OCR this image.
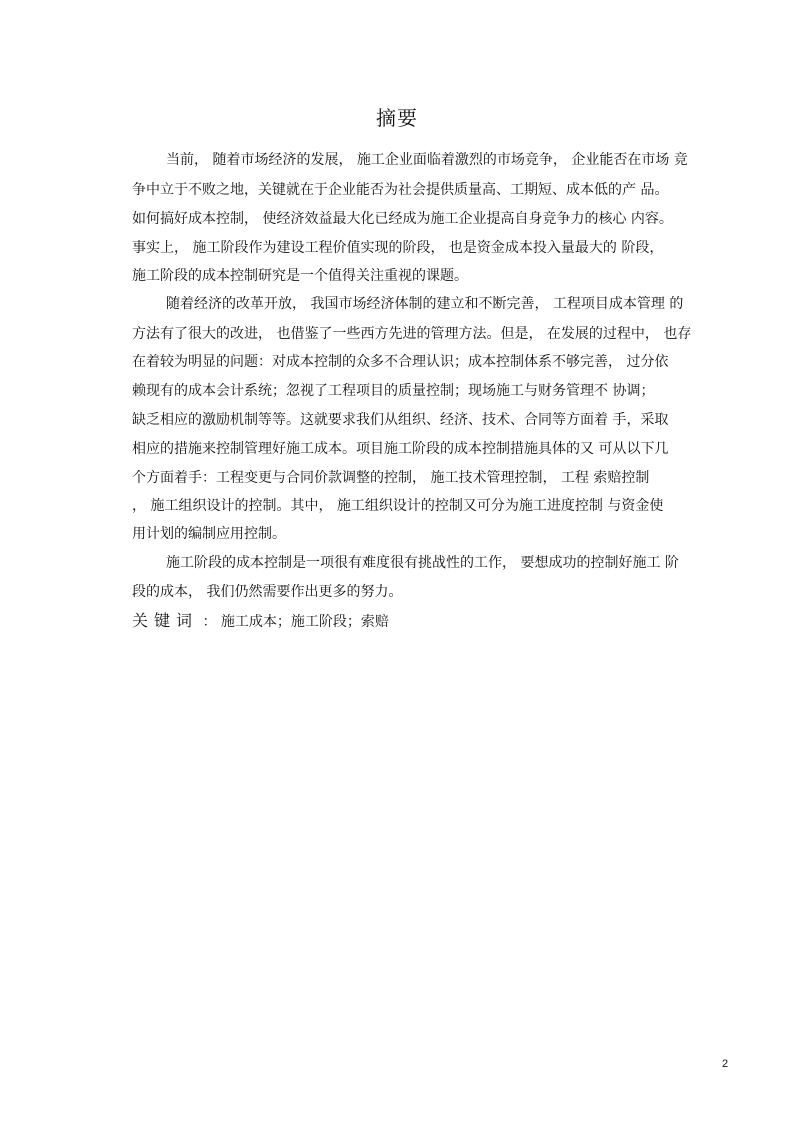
摘要
当前， 随着市场经济的发展， 施工企业面临着激烈的市场竞争， 企业能否在市场 竞
争中立于不败之地，关键就在于企业能否为社会提供质量高、工期短、成本低的产 品。
如何搞好成本控制， 使经济效益最大化已经成为施工企业提高自身竞争力的核心 内容。
事实上， 施工阶段作为建设工程价值实现的阶段， 也是资金成本投入量最大的 阶段，
施工阶段的成本控制研究是一个值得关注重视的课题。
随着经济的改革开放， 我国市场经济体制的建立和不断完善， 工程项目成本管理 的
方法有了很大的改进， 也借鉴了一些西方先进的管理方法。但是， 在发展的过程中， 也存
在着较为明显的问题：对成本控制的众多不合理认识；成本控制体系不够完善， 过分依
赖现有的成本会计系统；忽视了工程项目的质量控制；现场施工与财务管理不 协调；
缺乏相应的激励机制等等。这就要求我们从组织、经济、技术、合同等方面着 手，采取
相应的措施来控制管理好施工成本。项目施工阶段的成本控制措施具体的又 可从以下几
个方面着手：工程变更与合同价款调整的控制， 施工技术管理控制， 工程 索赔控制
， 施工组织设计的控制。其中， 施工组织设计的控制又可分为施工进度控制 与资金使
用计划的编制应用控制。
施工阶段的成本控制是一项很有难度很有挑战性的工作， 要想成功的控制好施工 阶
段的成本， 我们仍然需要作出更多的努力。
关键词 ： 施工成本；施工阶段；索赔
2
